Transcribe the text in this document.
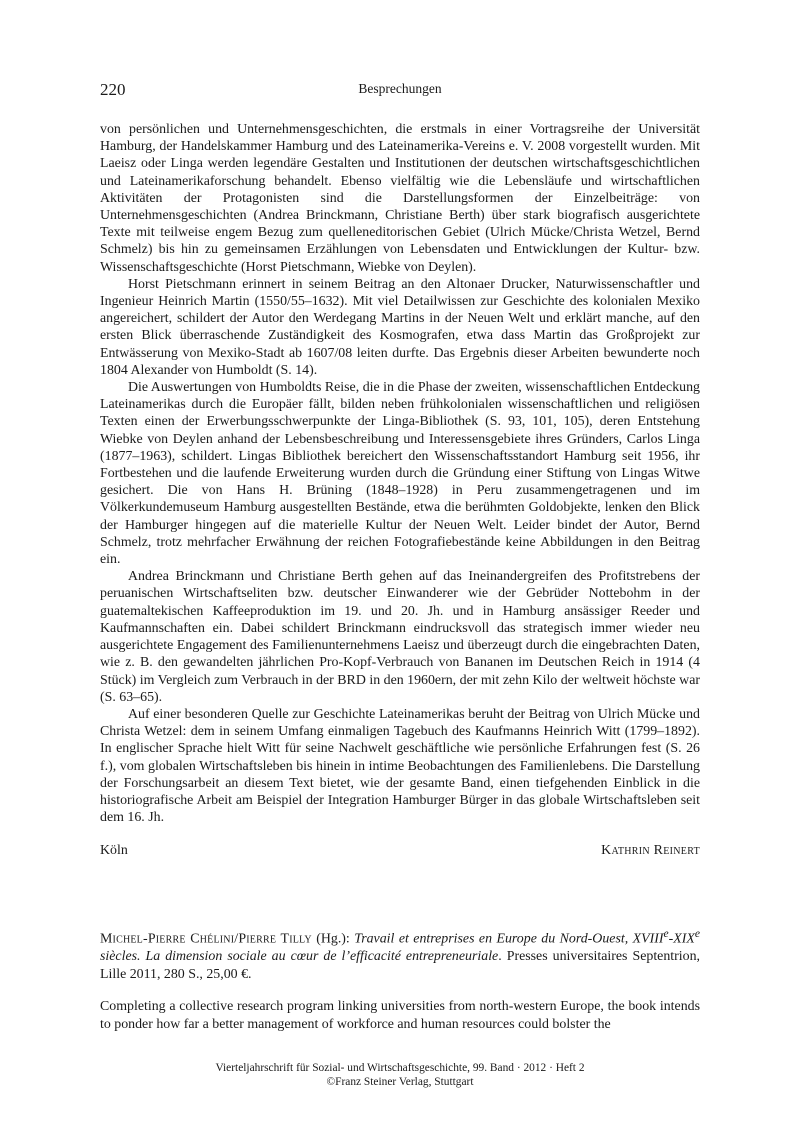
220	Besprechungen

von persönlichen und Unternehmensgeschichten, die erstmals in einer Vortragsreihe der Universität Hamburg, der Handelskammer Hamburg und des Lateinamerika-Vereins e. V. 2008 vorgestellt wurden. Mit Laeisz oder Linga werden legendäre Gestalten und Institutionen der deutschen wirtschaftsgeschichtlichen und Lateinamerikaforschung behandelt. Ebenso vielfältig wie die Lebensläufe und wirtschaftlichen Aktivitäten der Protagonisten sind die Darstellungsformen der Einzelbeiträge: von Unternehmensgeschichten (Andrea Brinckmann, Christiane Berth) über stark biografisch ausgerichtete Texte mit teilweise engem Bezug zum quelleneditorischen Gebiet (Ulrich Mücke/Christa Wetzel, Bernd Schmelz) bis hin zu gemeinsamen Erzählungen von Lebensdaten und Entwicklungen der Kultur- bzw. Wissenschaftsgeschichte (Horst Pietschmann, Wiebke von Deylen).

Horst Pietschmann erinnert in seinem Beitrag an den Altonaer Drucker, Naturwissenschaftler und Ingenieur Heinrich Martin (1550/55–1632). Mit viel Detailwissen zur Geschichte des kolonialen Mexiko angereichert, schildert der Autor den Werdegang Martins in der Neuen Welt und erklärt manche, auf den ersten Blick überraschende Zuständigkeit des Kosmografen, etwa dass Martin das Großprojekt zur Entwässerung von Mexiko-Stadt ab 1607/08 leiten durfte. Das Ergebnis dieser Arbeiten bewunderte noch 1804 Alexander von Humboldt (S. 14).

Die Auswertungen von Humboldts Reise, die in die Phase der zweiten, wissenschaftlichen Entdeckung Lateinamerikas durch die Europäer fällt, bilden neben frühkolonialen wissenschaftlichen und religiösen Texten einen der Erwerbungsschwerpunkte der Linga-Bibliothek (S. 93, 101, 105), deren Entstehung Wiebke von Deylen anhand der Lebensbeschreibung und Interessensgebiete ihres Gründers, Carlos Linga (1877–1963), schildert. Lingas Bibliothek bereichert den Wissenschaftsstandort Hamburg seit 1956, ihr Fortbestehen und die laufende Erweiterung wurden durch die Gründung einer Stiftung von Lingas Witwe gesichert. Die von Hans H. Brüning (1848–1928) in Peru zusammengetragenen und im Völkerkundemuseum Hamburg ausgestellten Bestände, etwa die berühmten Goldobjekte, lenken den Blick der Hamburger hingegen auf die materielle Kultur der Neuen Welt. Leider bindet der Autor, Bernd Schmelz, trotz mehrfacher Erwähnung der reichen Fotografiebestände keine Abbildungen in den Beitrag ein.

Andrea Brinckmann und Christiane Berth gehen auf das Ineinandergreifen des Profitstrebens der peruanischen Wirtschaftseliten bzw. deutscher Einwanderer wie der Gebrüder Nottebohm in der guatemaltekischen Kaffeeproduktion im 19. und 20. Jh. und in Hamburg ansässiger Reeder und Kaufmannschaften ein. Dabei schildert Brinckmann eindrucksvoll das strategisch immer wieder neu ausgerichtete Engagement des Familienunternehmens Laeisz und überzeugt durch die eingebrachten Daten, wie z. B. den gewandelten jährlichen Pro-Kopf-Verbrauch von Bananen im Deutschen Reich in 1914 (4 Stück) im Vergleich zum Verbrauch in der BRD in den 1960ern, der mit zehn Kilo der weltweit höchste war (S. 63–65).

Auf einer besonderen Quelle zur Geschichte Lateinamerikas beruht der Beitrag von Ulrich Mücke und Christa Wetzel: dem in seinem Umfang einmaligen Tagebuch des Kaufmanns Heinrich Witt (1799–1892). In englischer Sprache hielt Witt für seine Nachwelt geschäftliche wie persönliche Erfahrungen fest (S. 26 f.), vom globalen Wirtschaftsleben bis hinein in intime Beobachtungen des Familienlebens. Die Darstellung der Forschungsarbeit an diesem Text bietet, wie der gesamte Band, einen tiefgehenden Einblick in die historiografische Arbeit am Beispiel der Integration Hamburger Bürger in das globale Wirtschaftsleben seit dem 16. Jh.

Köln	Kathrin Reinert
Michel-Pierre Chélini/Pierre Tilly (Hg.): Travail et entreprises en Europe du Nord-Ouest, XVIIIe-XIXe siècles. La dimension sociale au cœur de l’efficacité entrepreneuriale. Presses universitaires Septentrion, Lille 2011, 280 S., 25,00 €.
Completing a collective research program linking universities from north-western Europe, the book intends to ponder how far a better management of workforce and human resources could bolster the
Vierteljahrschrift für Sozial- und Wirtschaftsgeschichte, 99. Band · 2012 · Heft 2
©Franz Steiner Verlag, Stuttgart
